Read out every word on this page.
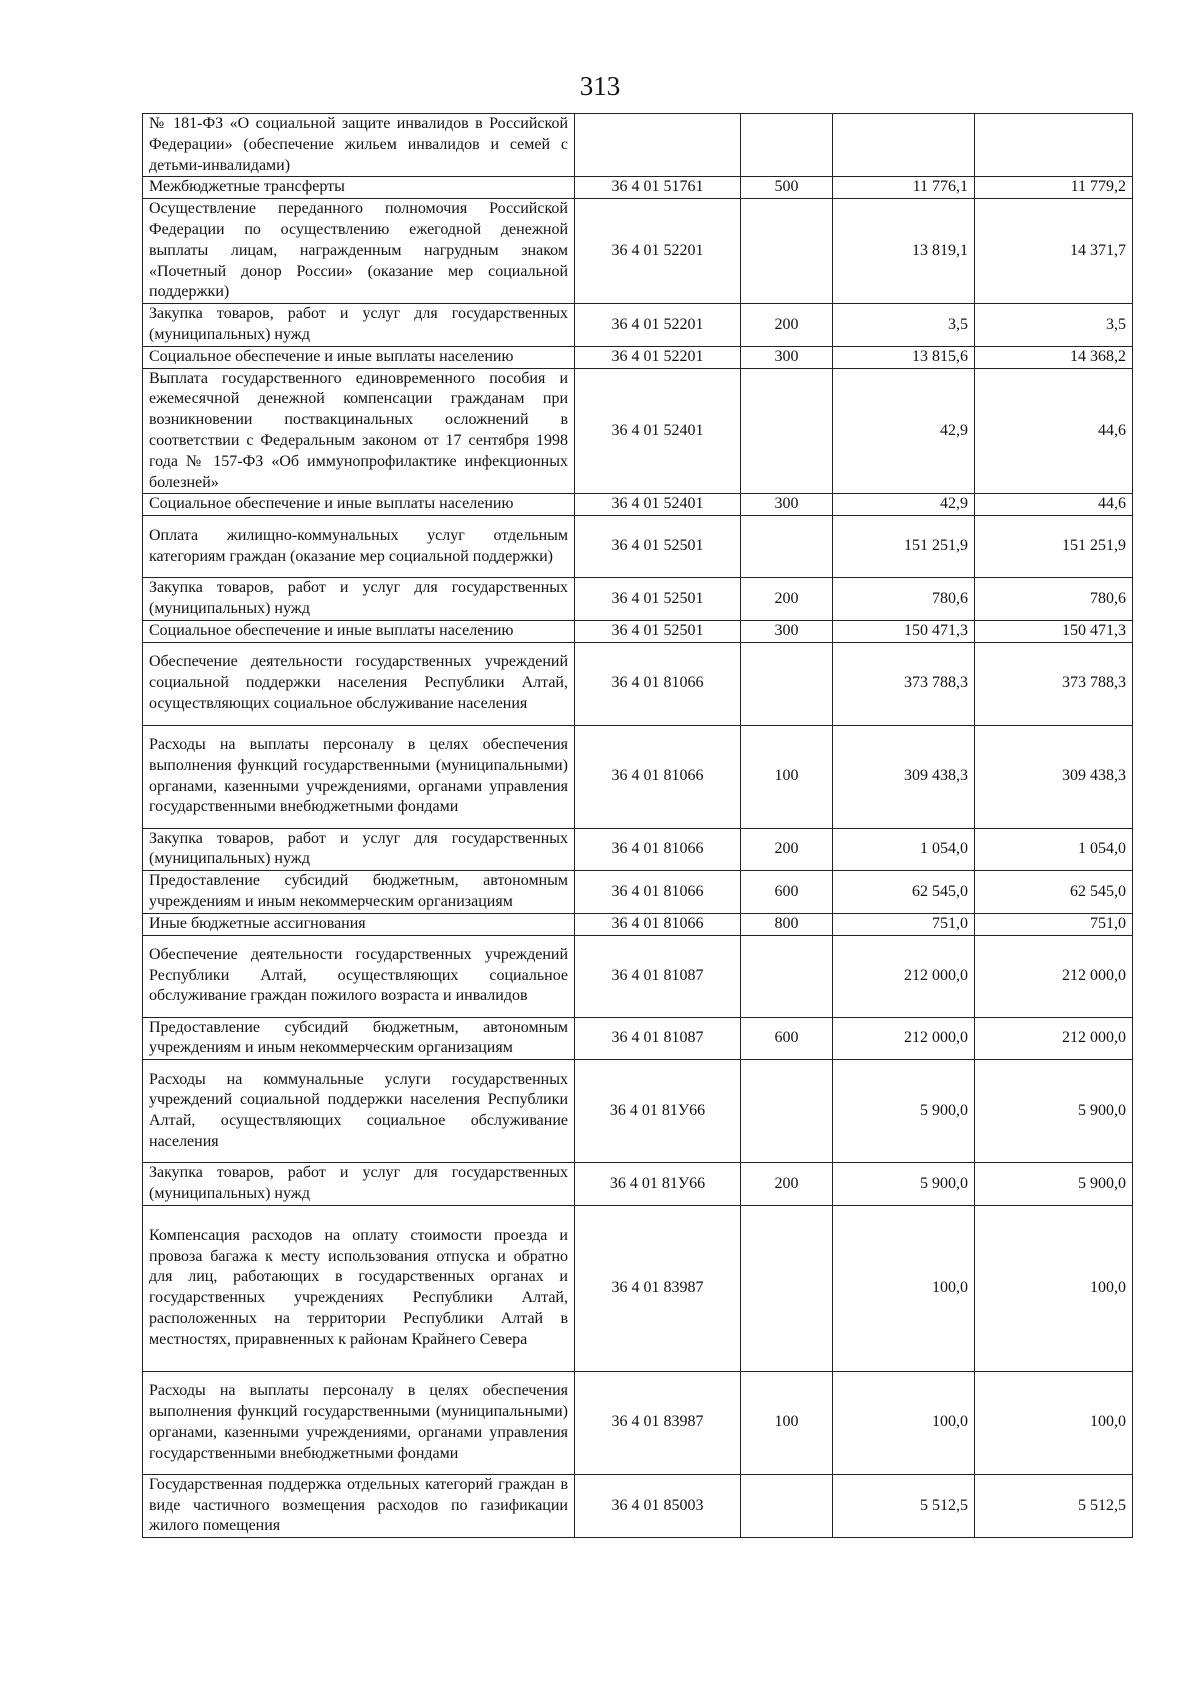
313
№ 181-ФЗ «О социальной защите инвалидов в Российской Федерации» (обеспечение жильем инвалидов и семей с детьми-инвалидами)				
Межбюджетные трансферты	36 4 01 51761	500	11 776,1	11 779,2
Осуществление переданного полномочия Российской Федерации по осуществлению ежегодной денежной выплаты лицам, награжденным нагрудным знаком «Почетный донор России» (оказание мер социальной поддержки)	36 4 01 52201		13 819,1	14 371,7
Закупка товаров, работ и услуг для государственных (муниципальных) нужд	36 4 01 52201	200	3,5	3,5
Социальное обеспечение и иные выплаты населению	36 4 01 52201	300	13 815,6	14 368,2
Выплата государственного единовременного пособия и ежемесячной денежной компенсации гражданам при возникновении поствакцинальных осложнений в соответствии с Федеральным законом от 17 сентября 1998 года № 157-ФЗ «Об иммунопрофилактике инфекционных болезней»	36 4 01 52401		42,9	44,6
Социальное обеспечение и иные выплаты населению	36 4 01 52401	300	42,9	44,6
Оплата жилищно-коммунальных услуг отдельным категориям граждан (оказание мер социальной поддержки)	36 4 01 52501		151 251,9	151 251,9
Закупка товаров, работ и услуг для государственных (муниципальных) нужд	36 4 01 52501	200	780,6	780,6
Социальное обеспечение и иные выплаты населению	36 4 01 52501	300	150 471,3	150 471,3
Обеспечение деятельности государственных учреждений социальной поддержки населения Республики Алтай, осуществляющих социальное обслуживание населения	36 4 01 81066		373 788,3	373 788,3
Расходы на выплаты персоналу в целях обеспечения выполнения функций государственными (муниципальными) органами, казенными учреждениями, органами управления государственными внебюджетными фондами	36 4 01 81066	100	309 438,3	309 438,3
Закупка товаров, работ и услуг для государственных (муниципальных) нужд	36 4 01 81066	200	1 054,0	1 054,0
Предоставление субсидий бюджетным, автономным учреждениям и иным некоммерческим организациям	36 4 01 81066	600	62 545,0	62 545,0
Иные бюджетные ассигнования	36 4 01 81066	800	751,0	751,0
Обеспечение деятельности государственных учреждений Республики Алтай, осуществляющих социальное обслуживание граждан пожилого возраста и инвалидов	36 4 01 81087		212 000,0	212 000,0
Предоставление субсидий бюджетным, автономным учреждениям и иным некоммерческим организациям	36 4 01 81087	600	212 000,0	212 000,0
Расходы на коммунальные услуги государственных учреждений социальной поддержки населения Республики Алтай, осуществляющих социальное обслуживание населения	36 4 01 81У66		5 900,0	5 900,0
Закупка товаров, работ и услуг для государственных (муниципальных) нужд	36 4 01 81У66	200	5 900,0	5 900,0
Компенсация расходов на оплату стоимости проезда и провоза багажа к месту использования отпуска и обратно для лиц, работающих в государственных органах и государственных учреждениях Республики Алтай, расположенных на территории Республики Алтай в местностях, приравненных к районам Крайнего Севера	36 4 01 83987		100,0	100,0
Расходы на выплаты персоналу в целях обеспечения выполнения функций государственными (муниципальными) органами, казенными учреждениями, органами управления государственными внебюджетными фондами	36 4 01 83987	100	100,0	100,0
Государственная поддержка отдельных категорий граждан в виде частичного возмещения расходов по газификации жилого помещения	36 4 01 85003		5 512,5	5 512,5
